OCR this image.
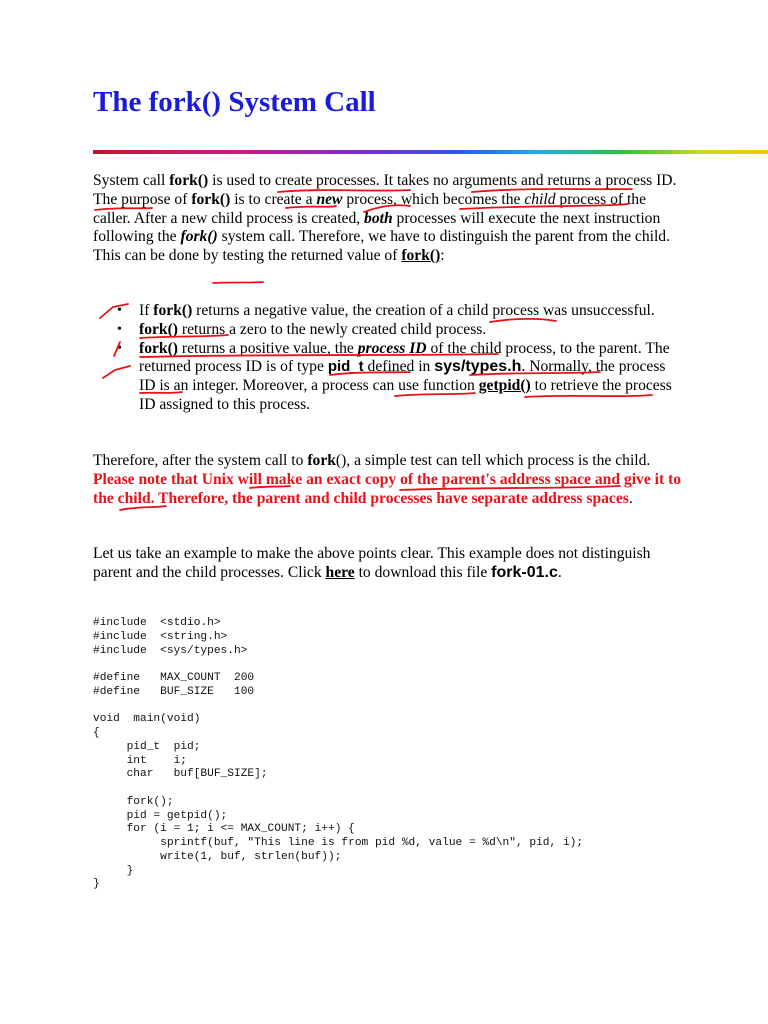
The fork() System Call

System call fork() is used to create processes. It takes no arguments and returns a process ID. The purpose of fork() is to create a new process, which becomes the child process of the caller. After a new child process is created, both processes will execute the next instruction following the fork() system call. Therefore, we have to distinguish the parent from the child. This can be done by testing the returned value of fork():

• If fork() returns a negative value, the creation of a child process was unsuccessful.
• fork() returns a zero to the newly created child process.
• fork() returns a positive value, the process ID of the child process, to the parent. The returned process ID is of type pid_t defined in sys/types.h. Normally, the process ID is an integer. Moreover, a process can use function getpid() to retrieve the process ID assigned to this process.

Therefore, after the system call to fork(), a simple test can tell which process is the child. Please note that Unix will make an exact copy of the parent's address space and give it to the child. Therefore, the parent and child processes have separate address spaces.

Let us take an example to make the above points clear. This example does not distinguish parent and the child processes. Click here to download this file fork-01.c.

#include  <stdio.h>
#include  <string.h>
#include  <sys/types.h>

#define   MAX_COUNT  200
#define   BUF_SIZE   100

void  main(void)
{
pid_t  pid;
int    i;
char   buf[BUF_SIZE];

fork();
pid = getpid();
for (i = 1; i <= MAX_COUNT; i++) {
sprintf(buf, "This line is from pid %d, value = %d\n", pid, i);
write(1, buf, strlen(buf));
}
}
